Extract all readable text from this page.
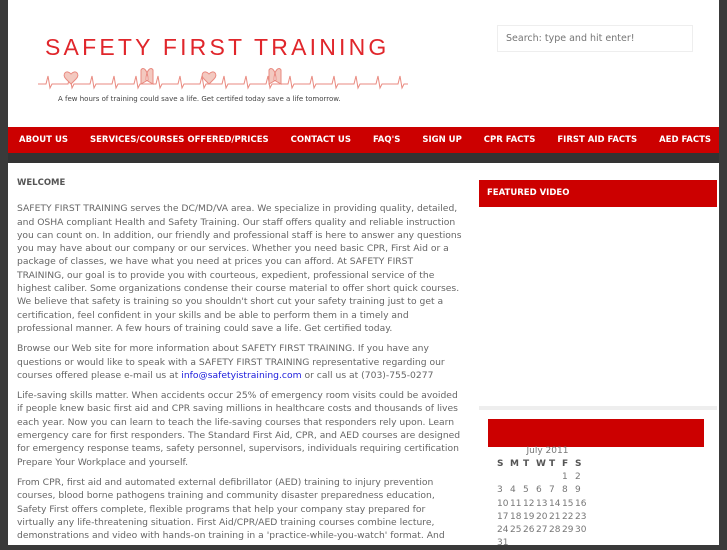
SAFETY FIRST TRAINING
A few hours of training could save a life. Get certifed today save a life tomorrow.
Search: type and hit enter!
ABOUT US	SERVICES/COURSES OFFERED/PRICES	CONTACT US	FAQ'S	SIGN UP	CPR FACTS	FIRST AID FACTS	AED FACTS
WELCOME

SAFETY FIRST TRAINING serves the DC/MD/VA area. We specialize in providing quality, detailed, and OSHA compliant Health and Safety Training. Our staff offers quality and reliable instruction you can count on. In addition, our friendly and professional staff is here to answer any questions you may have about our company or our services. Whether you need basic CPR, First Aid or a package of classes, we have what you need at prices you can afford. At SAFETY FIRST TRAINING, our goal is to provide you with courteous, expedient, professional service of the highest caliber. Some organizations condense their course material to offer short quick courses. We believe that safety is training so you shouldn't short cut your safety training just to get a certification, feel confident in your skills and be able to perform them in a timely and professional manner. A few hours of training could save a life. Get certified today.

Browse our Web site for more information about SAFETY FIRST TRAINING. If you have any questions or would like to speak with a SAFETY FIRST TRAINING representative regarding our courses offered please e-mail us at info@safetyistraining.com or call us at (703)-755-0277

Life-saving skills matter. When accidents occur 25% of emergency room visits could be avoided if people knew basic first aid and CPR saving millions in healthcare costs and thousands of lives each year. Now you can learn to teach the life-saving courses that responders rely upon. Learn emergency care for first responders. The Standard First Aid, CPR, and AED courses are designed for emergency response teams, safety personnel, supervisors, individuals requiring certification Prepare Your Workplace and yourself.

From CPR, first aid and automated external defibrillator (AED) training to injury prevention courses, blood borne pathogens training and community disaster preparedness education, Safety First offers complete, flexible programs that help your company stay prepared for virtually any life-threatening situation. First Aid/CPR/AED training courses combine lecture, demonstrations and video with hands-on training in a 'practice-while-you-watch' format. And

FEATURED VIDEO
July 2011
S	M	T	W	T	F	S
					1	2
3	4	5	6	7	8	9
10	11	12	13	14	15	16
17	18	19	20	21	22	23
24	25	26	27	28	29	30
31						
